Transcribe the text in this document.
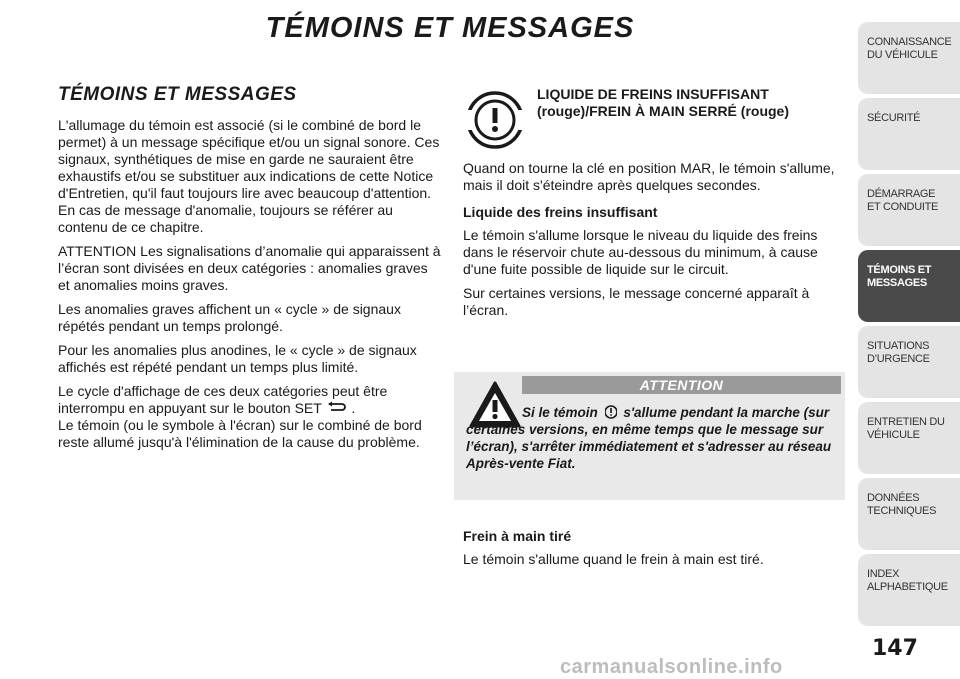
TÉMOINS ET MESSAGES
TÉMOINS ET MESSAGES

L'allumage du témoin est associé (si le combiné de bord le permet) à un message spécifique et/ou un signal sonore. Ces signaux, synthétiques de mise en garde ne sauraient être exhaustifs et/ou se substituer aux indications de cette Notice d'Entretien, qu'il faut toujours lire avec beaucoup d'attention. En cas de message d'anomalie, toujours se référer au contenu de ce chapitre.

ATTENTION Les signalisations d’anomalie qui apparaissent à l’écran sont divisées en deux catégories : anomalies graves et anomalies moins graves.

Les anomalies graves affichent un « cycle » de signaux répétés pendant un temps prolongé.

Pour les anomalies plus anodines, le « cycle » de signaux affichés est répété pendant un temps plus limité.

Le cycle d'affichage de ces deux catégories peut être interrompu en appuyant sur le bouton SET .
Le témoin (ou le symbole à l'écran) sur le combiné de bord reste allumé jusqu'à l'élimination de la cause du problème.

LIQUIDE DE FREINS INSUFFISANT
(rouge)/FREIN À MAIN SERRÉ (rouge)

Quand on tourne la clé en position MAR, le témoin s'allume, mais il doit s'éteindre après quelques secondes.

Liquide des freins insuffisant

Le témoin s'allume lorsque le niveau du liquide des freins dans le réservoir chute au-dessous du minimum, à cause d'une fuite possible de liquide sur le circuit.

Sur certaines versions, le message concerné apparaît à l’écran.

ATTENTION
Si le témoin s'allume pendant la marche (sur certaines versions, en même temps que le message sur l’écran), s'arrêter immédiatement et s'adresser au réseau Après-vente Fiat.
Frein à main tiré

Le témoin s'allume quand le frein à main est tiré.

CONNAISSANCE DU VÉHICULE
SÉCURITÉ
DÉMARRAGE ET CONDUITE
TÉMOINS ET MESSAGES
SITUATIONS D’URGENCE
ENTRETIEN DU VÉHICULE
DONNÉES TECHNIQUES
INDEX ALPHABETIQUE
147
carmanualsonline.info
